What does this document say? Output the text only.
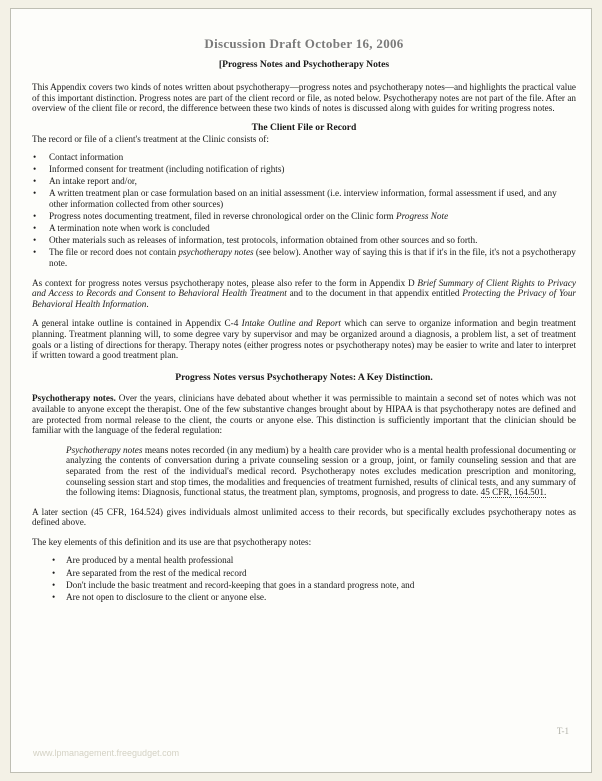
Discussion Draft October 16, 2006
[Progress Notes and Psychotherapy Notes

This Appendix covers two kinds of notes written about psychotherapy—progress notes and psychotherapy notes—and highlights the practical value of this important distinction. Progress notes are part of the client record or file, as noted below. Psychotherapy notes are not part of the file. After an overview of the client file or record, the difference between these two kinds of notes is discussed along with guides for writing progress notes.

The Client File or Record
The record or file of a client's treatment at the Clinic consists of:
• Contact information
• Informed consent for treatment (including notification of rights)
• An intake report and/or,
• A written treatment plan or case formulation based on an initial assessment (i.e. interview information, formal assessment if used, and any other information collected from other sources)
• Progress notes documenting treatment, filed in reverse chronological order on the Clinic form Progress Note
• A termination note when work is concluded
• Other materials such as releases of information, test protocols, information obtained from other sources and so forth.
• The file or record does not contain psychotherapy notes (see below). Another way of saying this is that if it's in the file, it's not a psychotherapy note.

As context for progress notes versus psychotherapy notes, please also refer to the form in Appendix D Brief Summary of Client Rights to Privacy and Access to Records and Consent to Behavioral Health Treatment and to the document in that appendix entitled Protecting the Privacy of Your Behavioral Health Information.

A general intake outline is contained in Appendix C-4 Intake Outline and Report which can serve to organize information and begin treatment planning. Treatment planning will, to some degree vary by supervisor and may be organized around a diagnosis, a problem list, a set of treatment goals or a listing of directions for therapy. Therapy notes (either progress notes or psychotherapy notes) may be easier to write and later to interpret if written toward a good treatment plan.

Progress Notes versus Psychotherapy Notes: A Key Distinction.

Psychotherapy notes. Over the years, clinicians have debated about whether it was permissible to maintain a second set of notes which was not available to anyone except the therapist. One of the few substantive changes brought about by HIPAA is that psychotherapy notes are defined and are protected from normal release to the client, the courts or anyone else. This distinction is sufficiently important that the clinician should be familiar with the language of the federal regulation:

Psychotherapy notes means notes recorded (in any medium) by a health care provider who is a mental health professional documenting or analyzing the contents of conversation during a private counseling session or a group, joint, or family counseling session and that are separated from the rest of the individual's medical record. Psychotherapy notes excludes medication prescription and monitoring, counseling session start and stop times, the modalities and frequencies of treatment furnished, results of clinical tests, and any summary of the following items: Diagnosis, functional status, the treatment plan, symptoms, prognosis, and progress to date. 45 CFR, 164.501.

A later section (45 CFR, 164.524) gives individuals almost unlimited access to their records, but specifically excludes psychotherapy notes as defined above.

The key elements of this definition and its use are that psychotherapy notes:
• Are produced by a mental health professional
• Are separated from the rest of the medical record
• Don't include the basic treatment and record-keeping that goes in a standard progress note, and
• Are not open to disclosure to the client or anyone else.
T-1
www.lpmanagement.freegudget.com
